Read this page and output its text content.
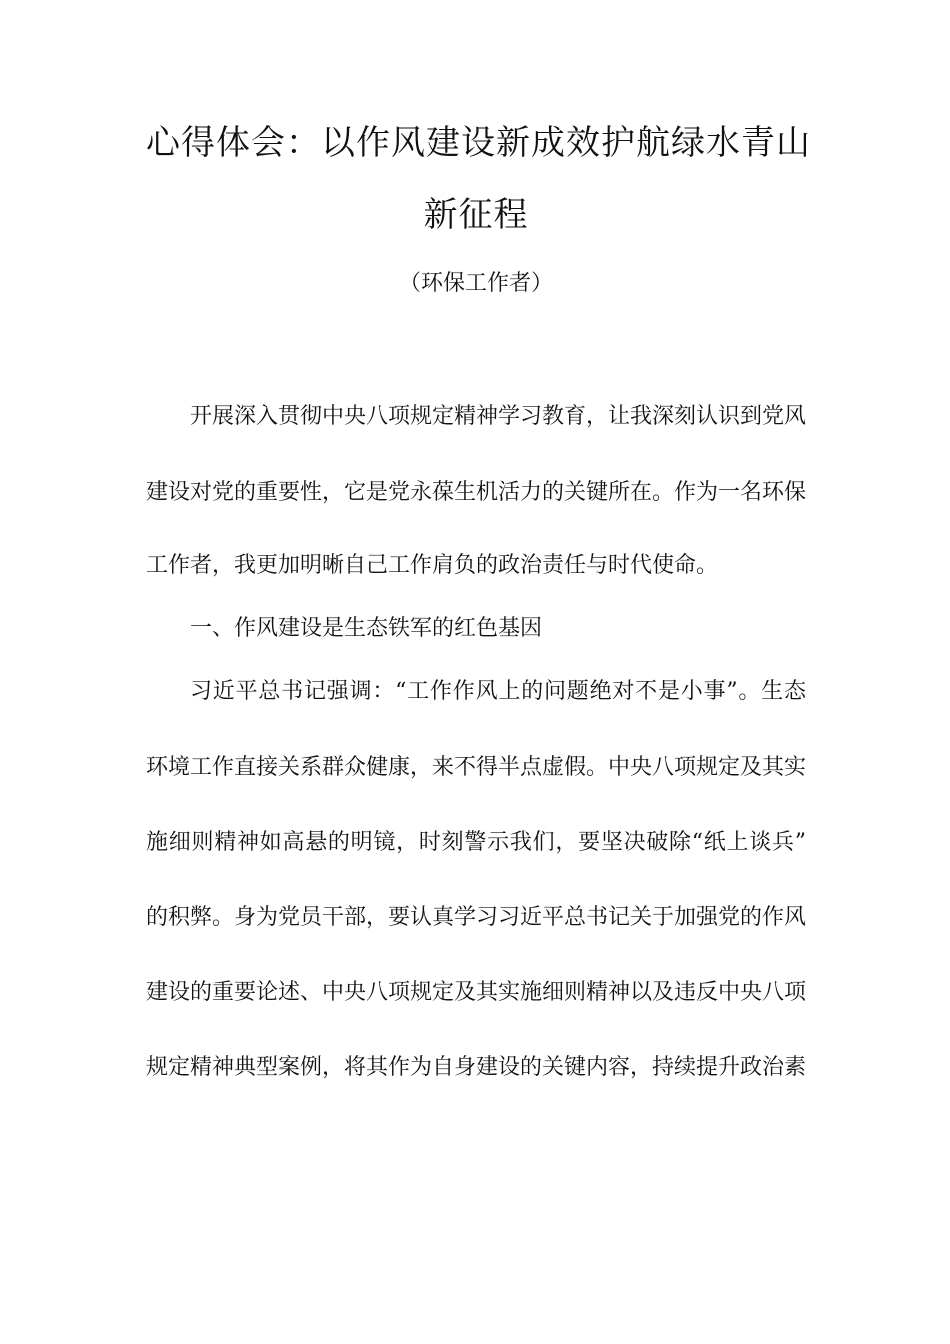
心得体会：以作风建设新成效护航绿水青山
新征程

（环保工作者）

开展深入贯彻中央八项规定精神学习教育，让我深刻认识到党风

建设对党的重要性，它是党永葆生机活力的关键所在。作为一名环保

工作者，我更加明晰自己工作肩负的政治责任与时代使命。

一、作风建设是生态铁军的红色基因

习近平总书记强调：“工作作风上的问题绝对不是小事”。生态

环境工作直接关系群众健康，来不得半点虚假。中央八项规定及其实

施细则精神如高悬的明镜，时刻警示我们，要坚决破除“纸上谈兵”

的积弊。身为党员干部，要认真学习习近平总书记关于加强党的作风

建设的重要论述、中央八项规定及其实施细则精神以及违反中央八项

规定精神典型案例，将其作为自身建设的关键内容，持续提升政治素
